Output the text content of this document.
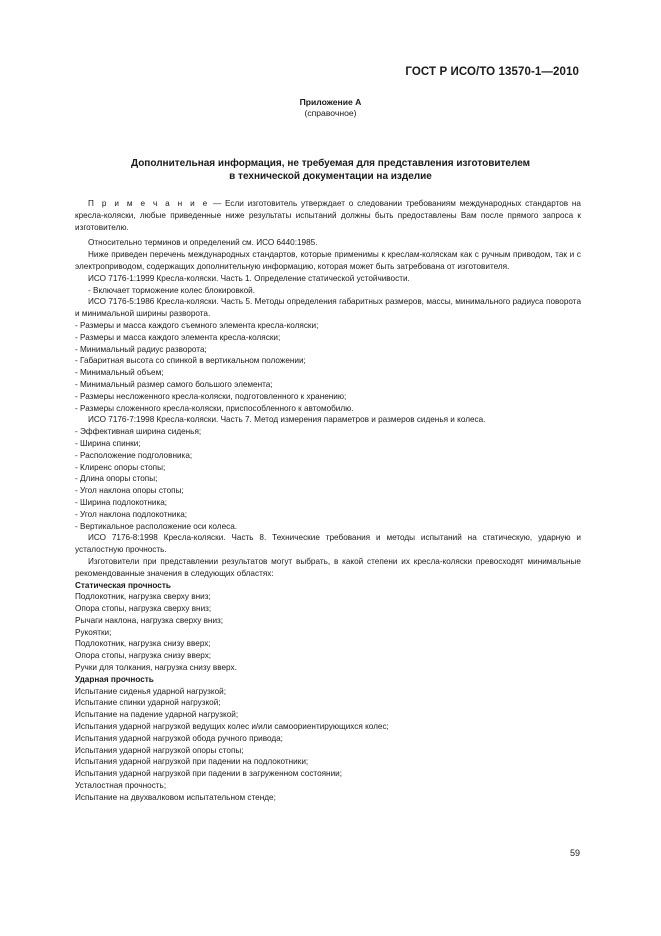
ГОСТ Р ИСО/ТО 13570-1—2010
Приложение А
(справочное)
Дополнительная информация, не требуемая для представления изготовителем
в технической документации на изделие

П р и м е ч а н и е — Если изготовитель утверждает о следовании требованиям международных стандартов на кресла-коляски, любые приведенные ниже результаты испытаний должны быть предоставлены Вам после прямого запроса к изготовителю.

Относительно терминов и определений см. ИСО 6440:1985.

Ниже приведен перечень международных стандартов, которые применимы к креслам-коляскам как с ручным приводом, так и с электроприводом, содержащих дополнительную информацию, которая может быть затребована от изготовителя.

ИСО 7176-1:1999 Кресла-коляски. Часть 1. Определение статической устойчивости.

- Включает торможение колес блокировкой.

ИСО 7176-5:1986 Кресла-коляски. Часть 5. Методы определения габаритных размеров, массы, минимального радиуса поворота и минимальной ширины разворота.

- Размеры и масса каждого съемного элемента кресла-коляски;
- Размеры и масса каждого элемента кресла-коляски;
- Минимальный радиус разворота;
- Габаритная высота со спинкой в вертикальном положении;
- Минимальный объем;
- Минимальный размер самого большого элемента;
- Размеры несложенного кресла-коляски, подготовленного к хранению;
- Размеры сложенного кресла-коляски, приспособленного к автомобилю.

ИСО 7176-7:1998 Кресла-коляски. Часть 7. Метод измерения параметров и размеров сиденья и колеса.

- Эффективная ширина сиденья;
- Ширина спинки;
- Расположение подголовника;
- Клиренс опоры стопы;
- Длина опоры стопы;
- Угол наклона опоры стопы;
- Ширина подлокотника;
- Угол наклона подлокотника;
- Вертикальное расположение оси колеса.

ИСО 7176-8:1998 Кресла-коляски. Часть 8. Технические требования и методы испытаний на статическую, ударную и усталостную прочность.

Изготовители при представлении результатов могут выбрать, в какой степени их кресла-коляски превосходят минимальные рекомендованные значения в следующих областях:

Статическая прочность
Подлокотник, нагрузка сверху вниз;
Опора стопы, нагрузка сверху вниз;
Рычаги наклона, нагрузка сверху вниз;
Рукоятки;
Подлокотник, нагрузка снизу вверх;
Опора стопы, нагрузка снизу вверх;
Ручки для толкания, нагрузка снизу вверх.
Ударная прочность
Испытание сиденья ударной нагрузкой;
Испытание спинки ударной нагрузкой;
Испытание на падение ударной нагрузкой;
Испытания ударной нагрузкой ведущих колес и/или самоориентирующихся колес;
Испытания ударной нагрузкой обода ручного привода;
Испытания ударной нагрузкой опоры стопы;
Испытания ударной нагрузкой при падении на подлокотники;
Испытания ударной нагрузкой при падении в загруженном состоянии;
Усталостная прочность;
Испытание на двухвалковом испытательном стенде;
59
